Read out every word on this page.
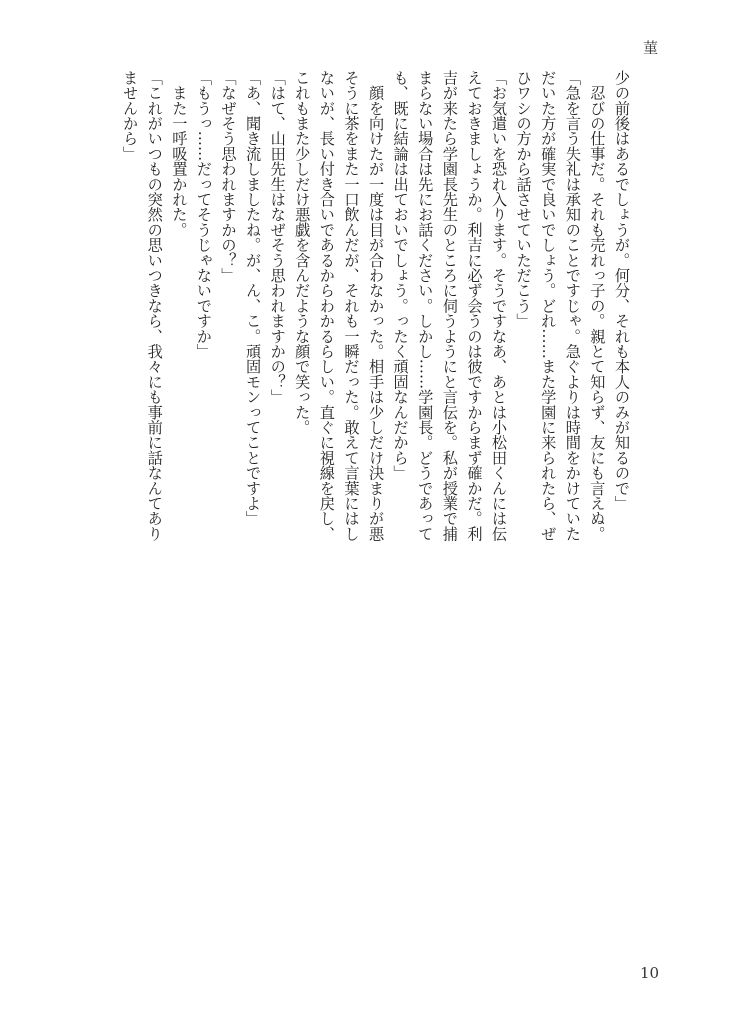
菫
少の前後はあるでしょうが。何分、それも本人のみが知るので」
　忍びの仕事だ。それも売れっ子の。親とて知らず、友にも言えぬ。
「急を言う失礼は承知のことですじゃ。急ぐよりは時間をかけていた
だいた方が確実で良いでしょう。どれ……また学園に来られたら、ぜ
ひワシの方から話させていただこう」
「お気遣いを恐れ入ります。そうですなあ、あとは小松田くんには伝
えておきましょうか。利吉に必ず会うのは彼ですからまず確かだ。利
吉が来たら学園長先生のところに伺うようにと言伝を。私が授業で捕
まらない場合は先にお話ください。しかし……学園長。どうであって
も、既に結論は出ておいでしょう。ったく頑固なんだから」
　顔を向けたが一度は目が合わなかった。相手は少しだけ決まりが悪
そうに茶をまた一口飲んだが、それも一瞬だった。敢えて言葉にはし
ないが、長い付き合いであるからわかるらしい。直ぐに視線を戻し、
これもまた少しだけ悪戯を含んだような顔で笑った。
「はて、山田先生はなぜそう思われますかの？」
「あ、聞き流しましたね。が、ん、こ。頑固モンってことですよ」
「なぜそう思われますかの？」
「もうっ……だってそうじゃないですか」
　また一呼吸置かれた。
「これがいつもの突然の思いつきなら、我々にも事前に話なんてあり
ませんから」
10
